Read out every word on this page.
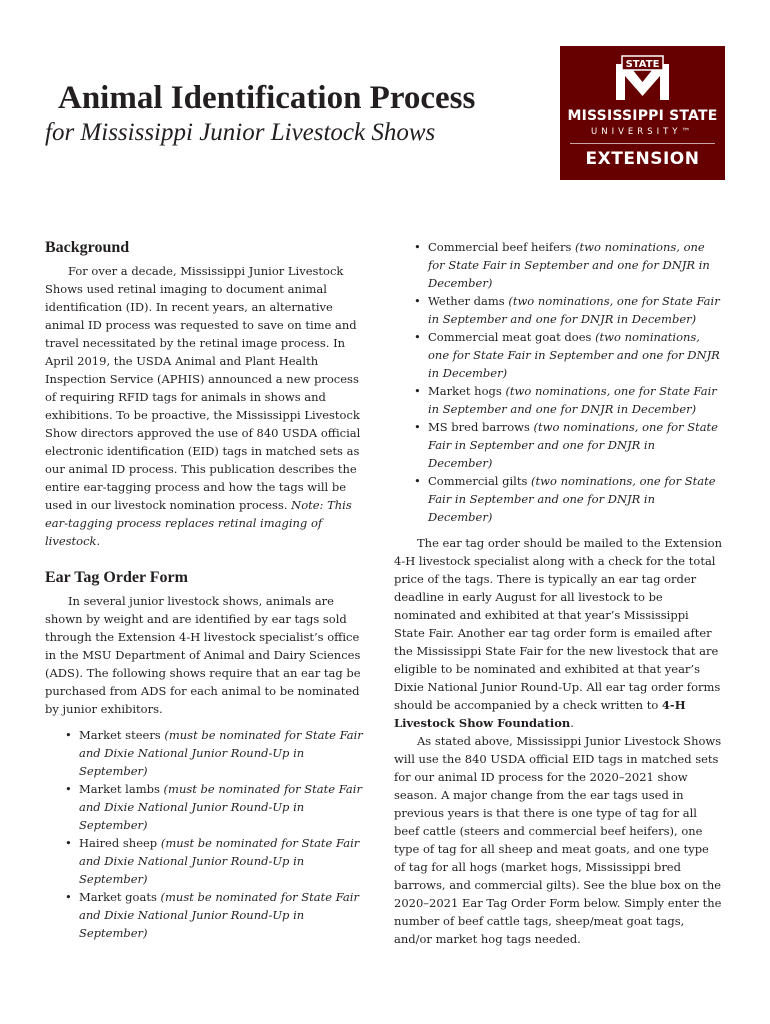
Animal Identification Process
for Mississippi Junior Livestock Shows
STATE
MISSISSIPPI STATE
UNIVERSITY™
EXTENSION
Background

For over a decade, Mississippi Junior Livestock Shows used retinal imaging to document animal identification (ID). In recent years, an alternative animal ID process was requested to save on time and travel necessitated by the retinal image process. In April 2019, the USDA Animal and Plant Health Inspection Service (APHIS) announced a new process of requiring RFID tags for animals in shows and exhibitions. To be proactive, the Mississippi Livestock Show directors approved the use of 840 USDA official electronic identification (EID) tags in matched sets as our animal ID process. This publication describes the entire ear-tagging process and how the tags will be used in our livestock nomination process. Note: This ear-tagging process replaces retinal imaging of livestock.

Ear Tag Order Form

In several junior livestock shows, animals are shown by weight and are identified by ear tags sold through the Extension 4-H livestock specialist’s office in the MSU Department of Animal and Dairy Sciences (ADS). The following shows require that an ear tag be purchased from ADS for each animal to be nominated by junior exhibitors.

• Market steers (must be nominated for State Fair and Dixie National Junior Round-Up in September)
• Market lambs (must be nominated for State Fair and Dixie National Junior Round-Up in September)
• Haired sheep (must be nominated for State Fair and Dixie National Junior Round-Up in September)
• Market goats (must be nominated for State Fair and Dixie National Junior Round-Up in September)
• Commercial beef heifers (two nominations, one for State Fair in September and one for DNJR in December)
• Wether dams (two nominations, one for State Fair in September and one for DNJR in December)
• Commercial meat goat does (two nominations, one for State Fair in September and one for DNJR in December)
• Market hogs (two nominations, one for State Fair in September and one for DNJR in December)
• MS bred barrows (two nominations, one for State Fair in September and one for DNJR in December)
• Commercial gilts (two nominations, one for State Fair in September and one for DNJR in December)

The ear tag order should be mailed to the Extension 4-H livestock specialist along with a check for the total price of the tags. There is typically an ear tag order deadline in early August for all livestock to be nominated and exhibited at that year’s Mississippi State Fair. Another ear tag order form is emailed after the Mississippi State Fair for the new livestock that are eligible to be nominated and exhibited at that year’s Dixie National Junior Round-Up. All ear tag order forms should be accompanied by a check written to 4-H Livestock Show Foundation.

As stated above, Mississippi Junior Livestock Shows will use the 840 USDA official EID tags in matched sets for our animal ID process for the 2020–2021 show season. A major change from the ear tags used in previous years is that there is one type of tag for all beef cattle (steers and commercial beef heifers), one type of tag for all sheep and meat goats, and one type of tag for all hogs (market hogs, Mississippi bred barrows, and commercial gilts). See the blue box on the 2020–2021 Ear Tag Order Form below. Simply enter the number of beef cattle tags, sheep/meat goat tags, and/or market hog tags needed.
